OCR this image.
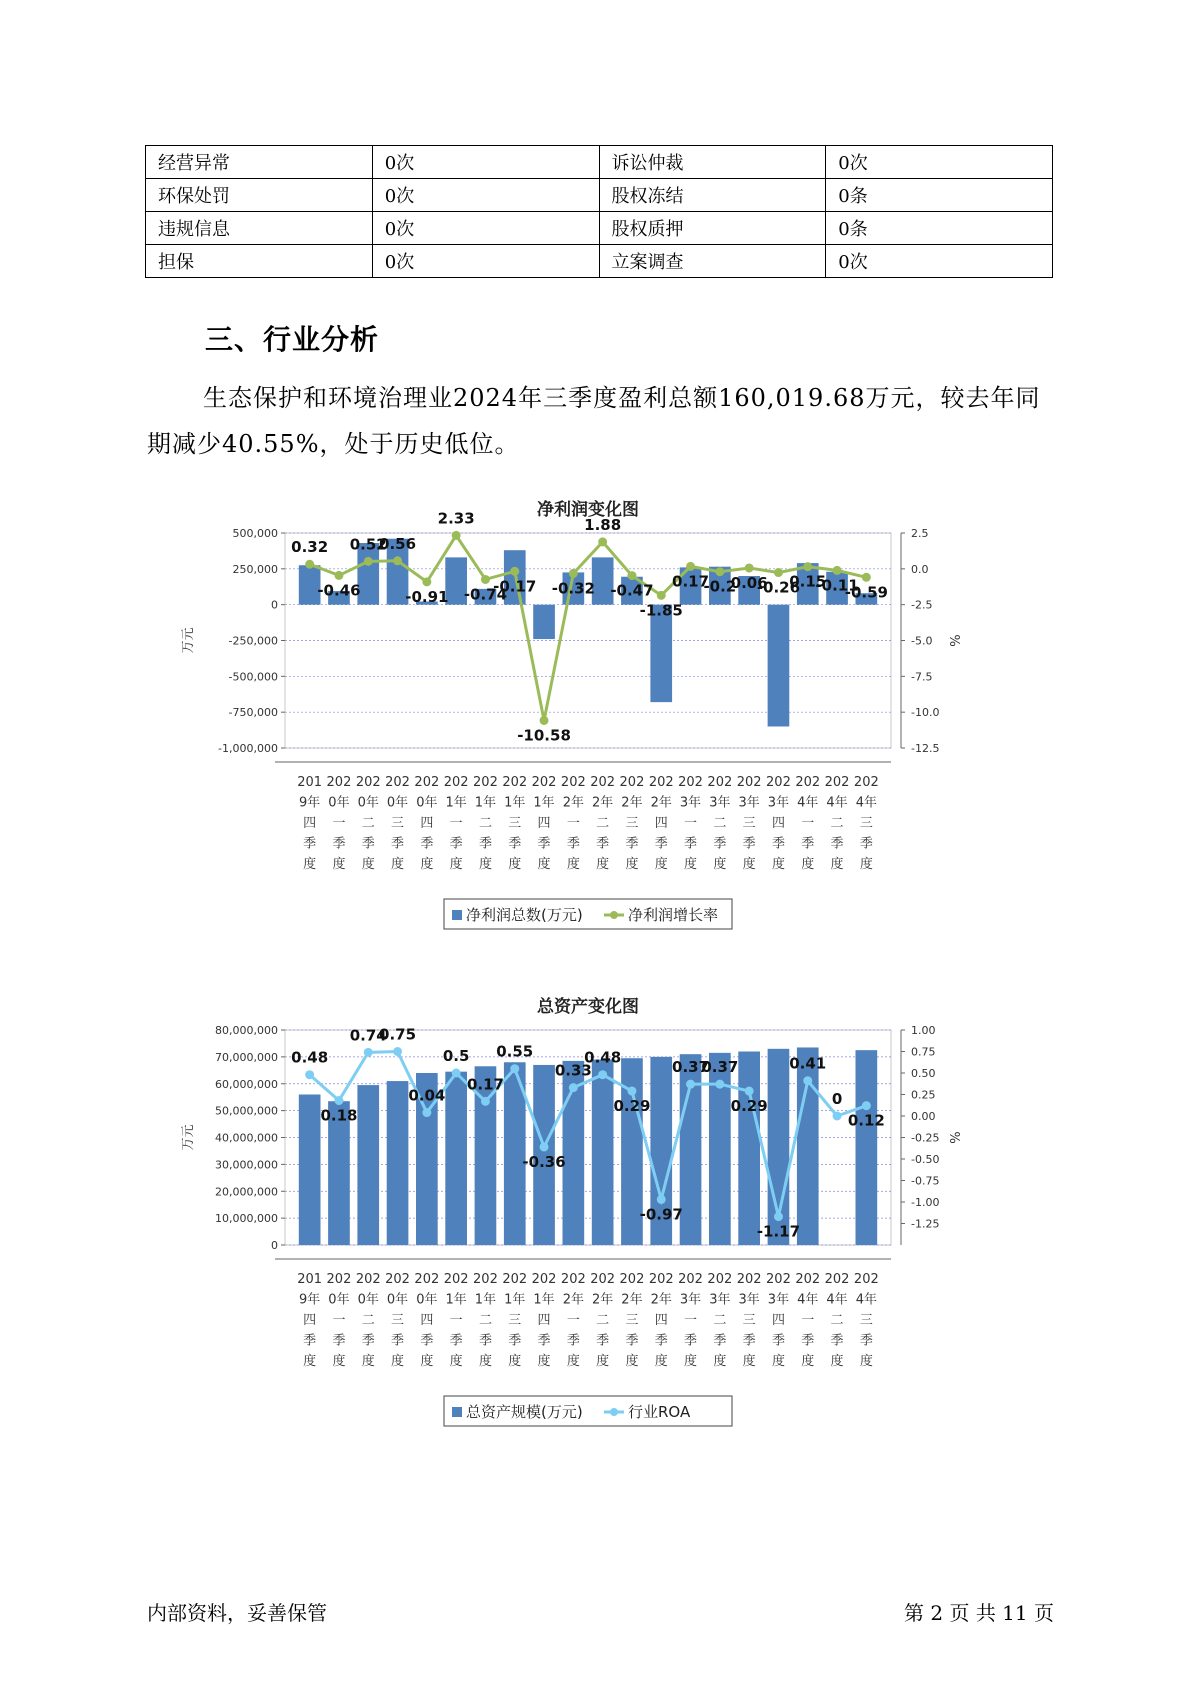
经营异常	0次	诉讼仲裁	0次
环保处罚	0次	股权冻结	0条
违规信息	0次	股权质押	0条
担保	0次	立案调查	0次
三、行业分析

生态保护和环境治理业2024年三季度盈利总额160,019.68万元，较去年同期减少40.55%，处于历史低位。

净利润变化图
500,000
250,000
0
-250,000
-500,000
-750,000
-1,000,000
2.5
0.0
-2.5
-5.0
-7.5
-10.0
-12.5
万元	%
201 9年四季度
202 0年一季度
202 0年二季度
202 0年三季度
202 0年四季度
202 1年一季度
202 1年二季度
202 1年三季度
202 1年四季度
202 2年一季度
202 2年二季度
202 2年三季度
202 2年四季度
202 3年一季度
202 3年二季度
202 3年三季度
202 3年四季度
202 4年一季度
202 4年二季度
202 4年三季度
0.32
-0.46
0.52
0.56
-0.91
2.33
-0.74
-0.17
-10.58
-0.32
1.88
-0.47
-1.85
0.17
-0.2
0.06
-0.26
0.15
-0.11
-0.59
净利润总数(万元)	净利润增长率
总资产变化图
80,000,000
70,000,000
60,000,000
50,000,000
40,000,000
30,000,000
20,000,000
10,000,000
0
1.00
0.75
0.50
0.25
0.00
-0.25
-0.50
-0.75
-1.00
-1.25
万元	%
201 9年四季度
202 0年一季度
202 0年二季度
202 0年三季度
202 0年四季度
202 1年一季度
202 1年二季度
202 1年三季度
202 1年四季度
202 2年一季度
202 2年二季度
202 2年三季度
202 2年四季度
202 3年一季度
202 3年二季度
202 3年三季度
202 3年四季度
202 4年一季度
202 4年二季度
202 4年三季度
0.48
0.18
0.74
0.75
0.04
0.5
0.17
0.55
-0.36
0.33
0.48
0.29
-0.97
0.37
0.37
0.29
-1.17
0.41
0
0.12
总资产规模(万元)	行业ROA
内部资料，妥善保管	第 2 页 共 11 页
